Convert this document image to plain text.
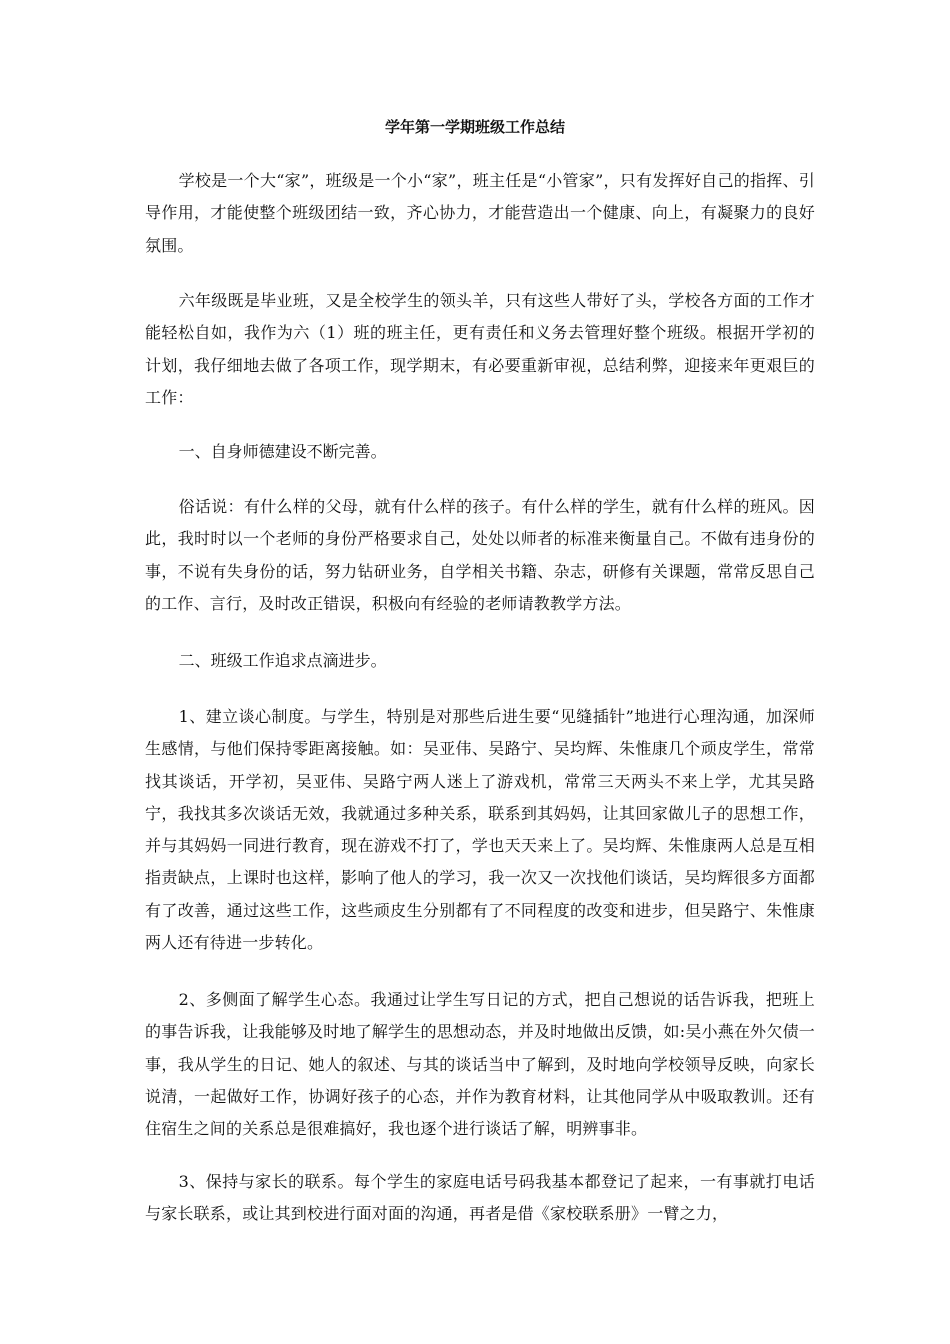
学年第一学期班级工作总结

学校是一个大“家”，班级是一个小“家”，班主任是“小管家”，只有发挥好自己的指挥、引导作用，才能使整个班级团结一致，齐心协力，才能营造出一个健康、向上，有凝聚力的良好氛围。

六年级既是毕业班，又是全校学生的领头羊，只有这些人带好了头，学校各方面的工作才能轻松自如，我作为六（1）班的班主任，更有责任和义务去管理好整个班级。根据开学初的计划，我仔细地去做了各项工作，现学期末，有必要重新审视，总结利弊，迎接来年更艰巨的工作：

一、自身师德建设不断完善。

俗话说：有什么样的父母，就有什么样的孩子。有什么样的学生，就有什么样的班风。因此，我时时以一个老师的身份严格要求自己，处处以师者的标准来衡量自己。不做有违身份的事，不说有失身份的话，努力钻研业务，自学相关书籍、杂志，研修有关课题，常常反思自己的工作、言行，及时改正错误，积极向有经验的老师请教教学方法。

二、班级工作追求点滴进步。

1、建立谈心制度。与学生，特别是对那些后进生要“见缝插针”地进行心理沟通，加深师生感情，与他们保持零距离接触。如：吴亚伟、吴路宁、吴均辉、朱惟康几个顽皮学生，常常找其谈话，开学初，吴亚伟、吴路宁两人迷上了游戏机，常常三天两头不来上学，尤其吴路宁，我找其多次谈话无效，我就通过多种关系，联系到其妈妈，让其回家做儿子的思想工作，并与其妈妈一同进行教育，现在游戏不打了，学也天天来上了。吴均辉、朱惟康两人总是互相指责缺点，上课时也这样，影响了他人的学习，我一次又一次找他们谈话，吴均辉很多方面都有了改善，通过这些工作，这些顽皮生分别都有了不同程度的改变和进步，但吴路宁、朱惟康两人还有待进一步转化。

2、多侧面了解学生心态。我通过让学生写日记的方式，把自己想说的话告诉我，把班上的事告诉我，让我能够及时地了解学生的思想动态，并及时地做出反馈，如:吴小燕在外欠债一事，我从学生的日记、她人的叙述、与其的谈话当中了解到，及时地向学校领导反映，向家长说清，一起做好工作，协调好孩子的心态，并作为教育材料，让其他同学从中吸取教训。还有住宿生之间的关系总是很难搞好，我也逐个进行谈话了解，明辨事非。

3、保持与家长的联系。每个学生的家庭电话号码我基本都登记了起来，一有事就打电话与家长联系，或让其到校进行面对面的沟通，再者是借《家校联系册》一臂之力，
